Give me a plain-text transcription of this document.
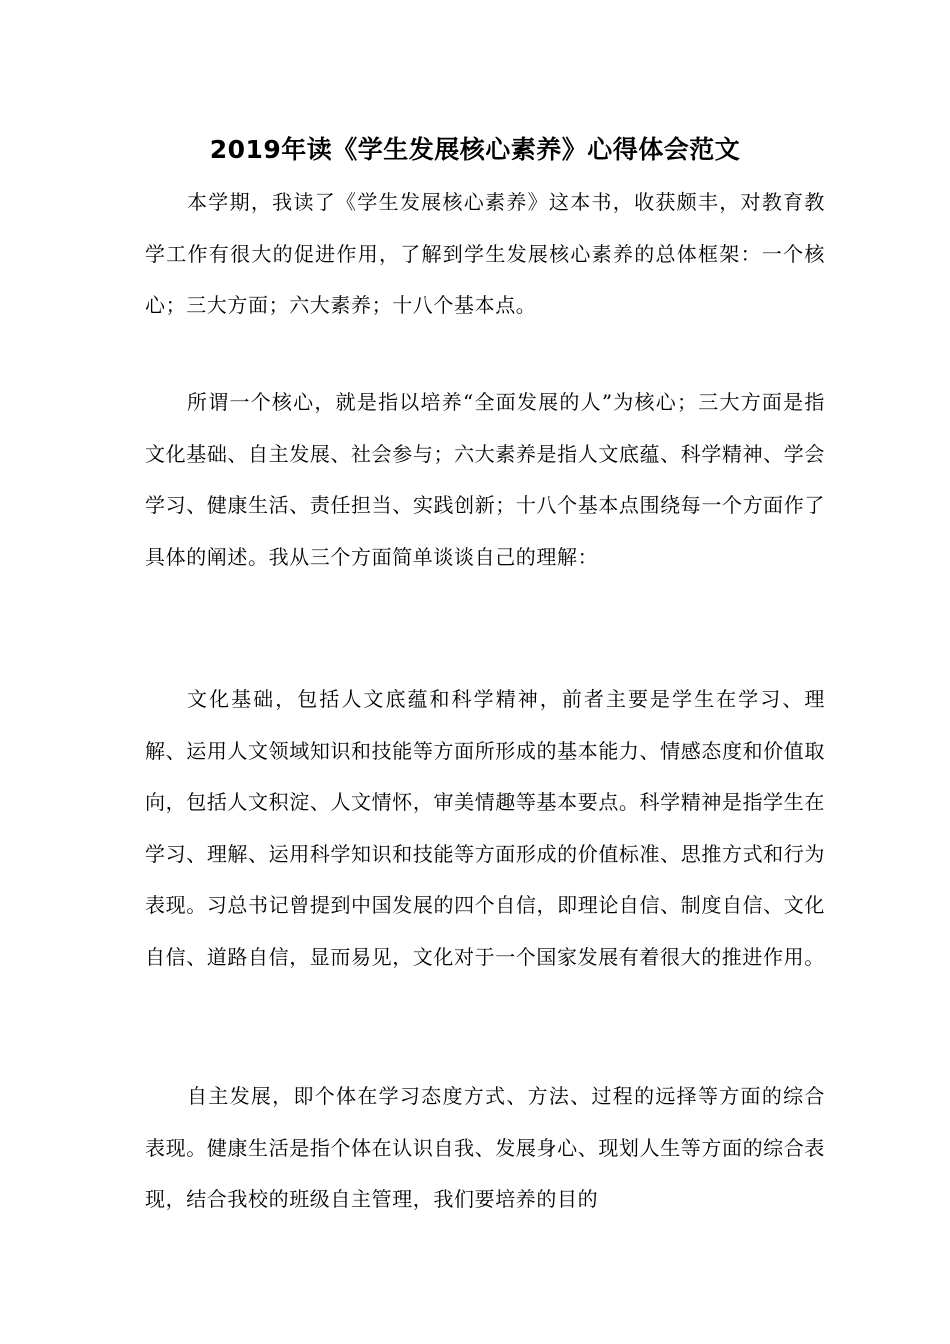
2019年读《学生发展核心素养》心得体会范文

本学期，我读了《学生发展核心素养》这本书，收获颇丰，对教育教学工作有很大的促进作用，了解到学生发展核心素养的总体框架：一个核心；三大方面；六大素养；十八个基本点。

所谓一个核心，就是指以培养“全面发展的人”为核心；三大方面是指文化基础、自主发展、社会参与；六大素养是指人文底蕴、科学精神、学会学习、健康生活、责任担当、实践创新；十八个基本点围绕每一个方面作了具体的阐述。我从三个方面简单谈谈自己的理解：

文化基础，包括人文底蕴和科学精神，前者主要是学生在学习、理解、运用人文领域知识和技能等方面所形成的基本能力、情感态度和价值取向，包括人文积淀、人文情怀，审美情趣等基本要点。科学精神是指学生在学习、理解、运用科学知识和技能等方面形成的价值标准、思推方式和行为表现。习总书记曾提到中国发展的四个自信，即理论自信、制度自信、文化自信、道路自信，显而易见，文化对于一个国家发展有着很大的推进作用。

自主发展，即个体在学习态度方式、方法、过程的远择等方面的综合表现。健康生活是指个体在认识自我、发展身心、现划人生等方面的综合表现，结合我校的班级自主管理，我们要培养的目的
